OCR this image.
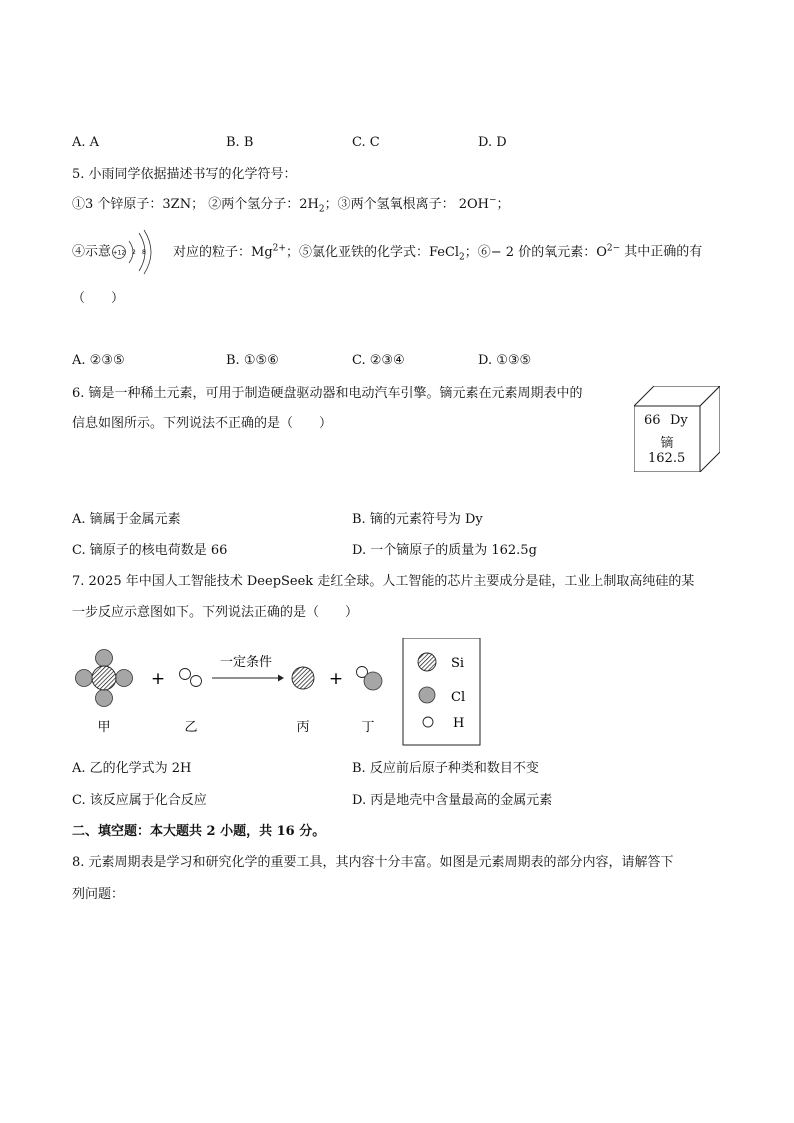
A. A	B. B	C. C	D. D
5. 小雨同学依据描述书写的化学符号：
①3 个锌原子：3ZN； ②两个氢分子：$2H_2$；③两个氢氧根离子： 2OH−；
④示意 +12 2 8 对应的粒子：$Mg^{2+}$；⑤氯化亚铁的化学式：FeCl$_2$；⑥− 2 价的氧元素：$O^{2-}$ 其中正确的有
（　　）
A. ②③⑤	B. ①⑤⑥	C. ②③④	D. ①③⑤
6. 镝是一种稀土元素，可用于制造硬盘驱动器和电动汽车引擎。镝元素在元素周期表中的
信息如图所示。下列说法不正确的是（　　）	66 Dy
镝
162.5
A. 镝属于金属元素	B. 镝的元素符号为 Dy
C. 镝原子的核电荷数是 66	D. 一个镝原子的质量为 162.5g
7. 2025 年中国人工智能技术 DeepSeek 走红全球。人工智能的芯片主要成分是硅，工业上制取高纯硅的某
一步反应示意图如下。下列说法正确的是（　　）
+
一定条件
+
甲	乙	丙	丁
Si
Cl
H
A. 乙的化学式为 2H	B. 反应前后原子种类和数目不变
C. 该反应属于化合反应	D. 丙是地壳中含量最高的金属元素
二、填空题：本大题共 2 小题，共 16 分。
8. 元素周期表是学习和研究化学的重要工具，其内容十分丰富。如图是元素周期表的部分内容，请解答下
列问题：
